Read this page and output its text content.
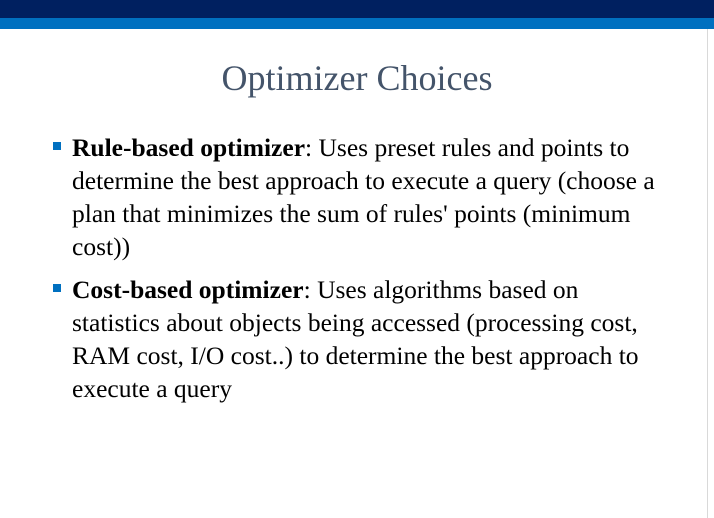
Optimizer Choices
Rule-based optimizer: Uses preset rules and points to determine the best approach to execute a query (choose a plan that minimizes the sum of rules' points (minimum cost))
Cost-based optimizer: Uses algorithms based on statistics about objects being accessed (processing cost, RAM cost, I/O cost..) to determine the best approach to execute a query
